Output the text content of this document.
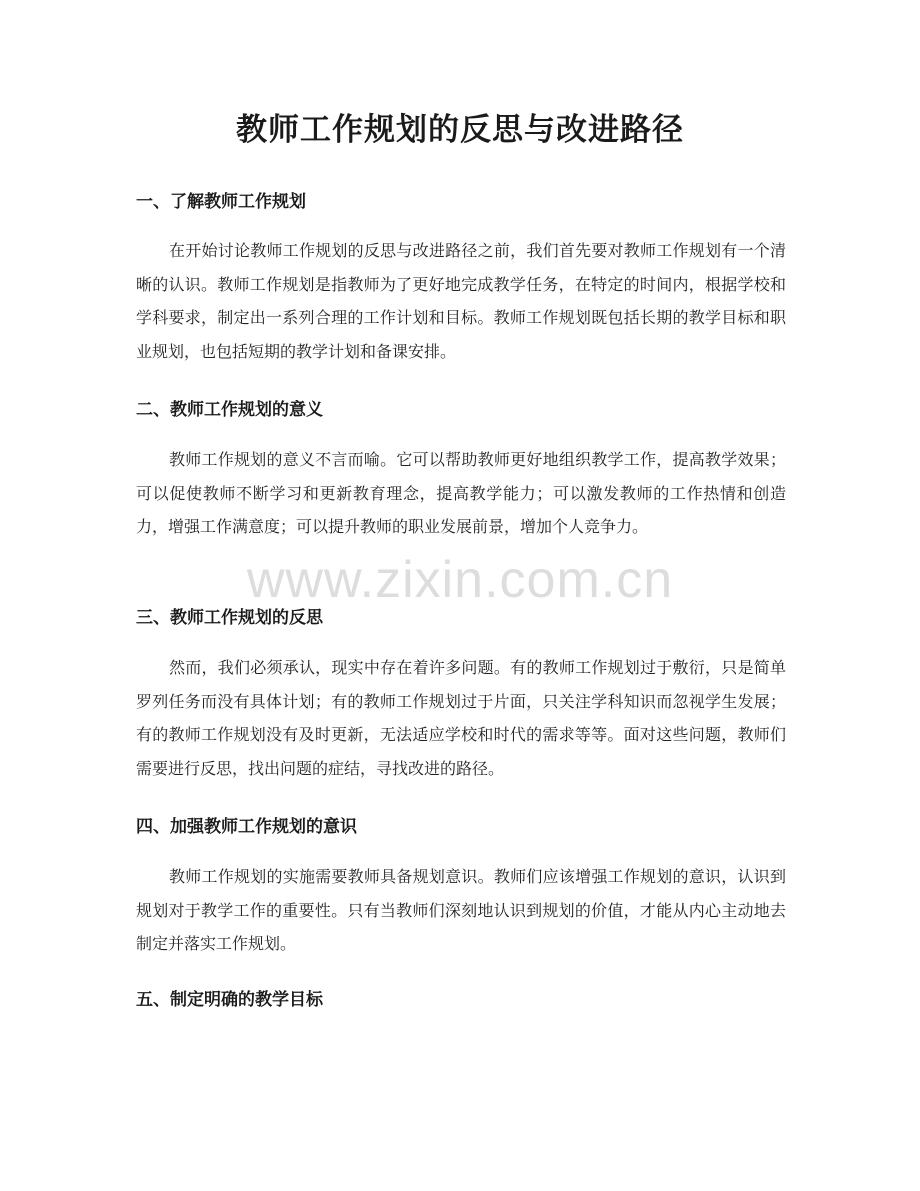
教师工作规划的反思与改进路径
一、了解教师工作规划

在开始讨论教师工作规划的反思与改进路径之前，我们首先要对教师工作规划有一个清晰的认识。教师工作规划是指教师为了更好地完成教学任务，在特定的时间内，根据学校和学科要求，制定出一系列合理的工作计划和目标。教师工作规划既包括长期的教学目标和职业规划，也包括短期的教学计划和备课安排。

二、教师工作规划的意义

教师工作规划的意义不言而喻。它可以帮助教师更好地组织教学工作，提高教学效果；可以促使教师不断学习和更新教育理念，提高教学能力；可以激发教师的工作热情和创造力，增强工作满意度；可以提升教师的职业发展前景，增加个人竞争力。

三、教师工作规划的反思

然而，我们必须承认，现实中存在着许多问题。有的教师工作规划过于敷衍，只是简单罗列任务而没有具体计划；有的教师工作规划过于片面，只关注学科知识而忽视学生发展；有的教师工作规划没有及时更新，无法适应学校和时代的需求等等。面对这些问题，教师们需要进行反思，找出问题的症结，寻找改进的路径。

四、加强教师工作规划的意识

教师工作规划的实施需要教师具备规划意识。教师们应该增强工作规划的意识，认识到规划对于教学工作的重要性。只有当教师们深刻地认识到规划的价值，才能从内心主动地去制定并落实工作规划。

五、制定明确的教学目标
www.zixin.com.cn
